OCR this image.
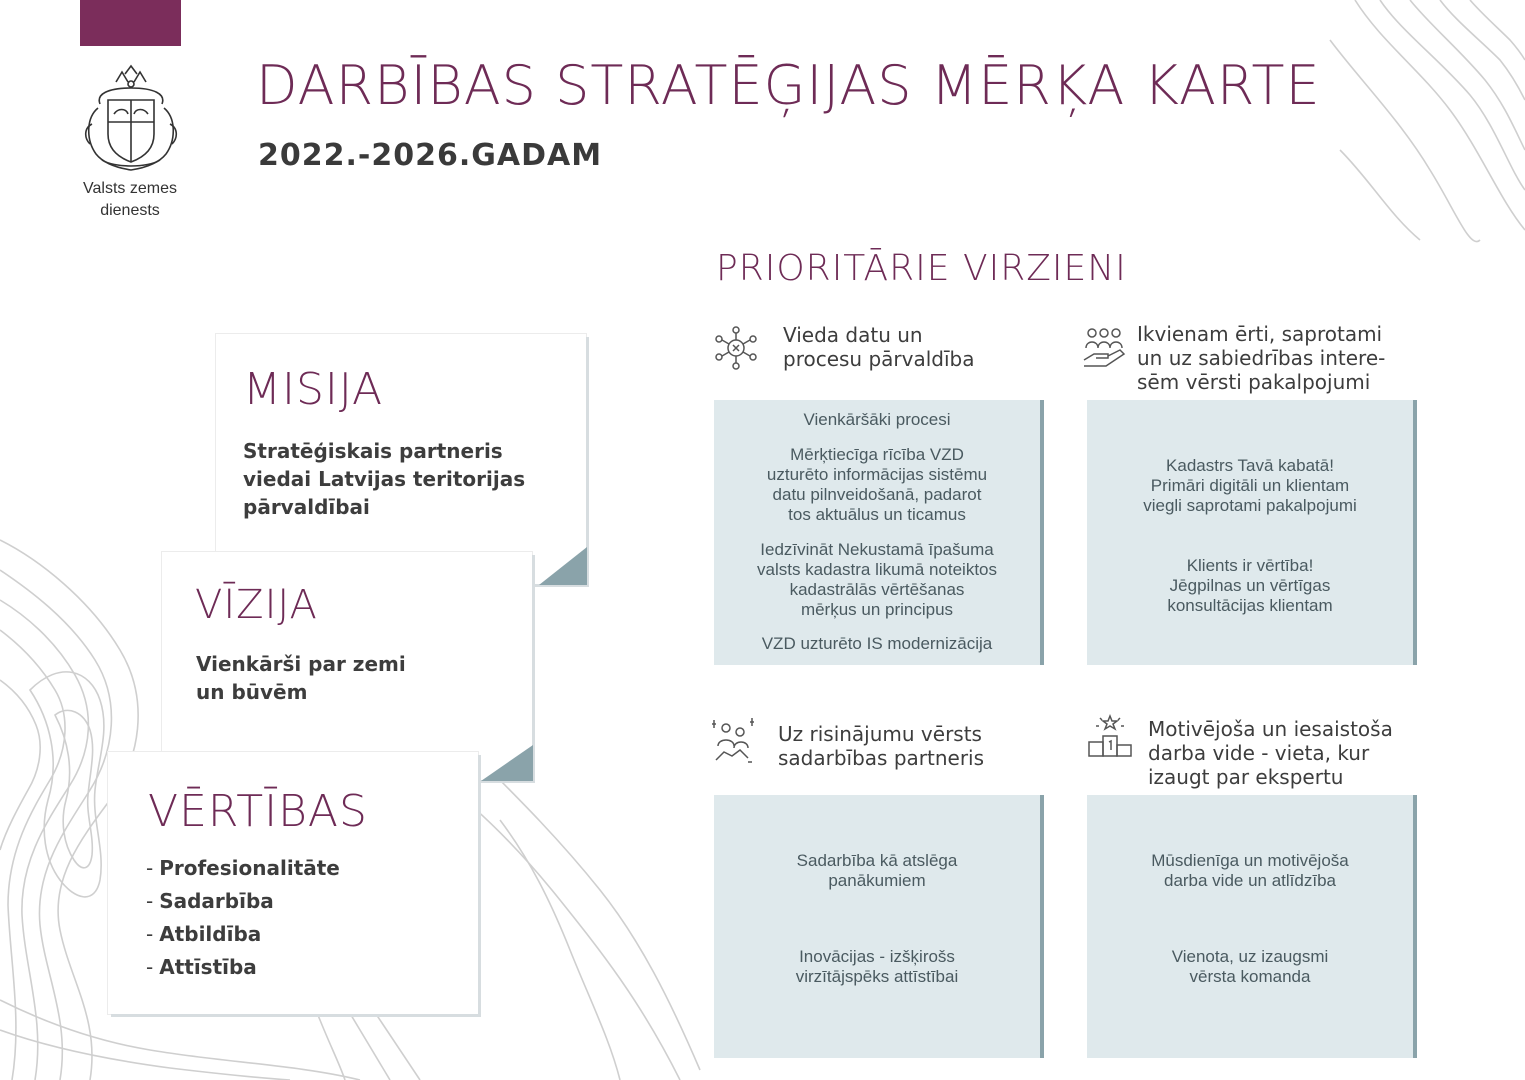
Valsts zemes
dienests
DARBĪBAS STRATĒĢIJAS MĒRĶA KARTE
2022.-2026.GADAM
MISIJA
Stratēģiskais partneris
viedai Latvijas teritorijas
pārvaldībai
VĪZIJA
Vienkārši par zemi
un būvēm
VĒRTĪBAS
- Profesionalitāte
- Sadarbība
- Atbildība
- Attīstība
PRIORITĀRIE VIRZIENI
Vieda datu un
procesu pārvaldība

Vienkāršāki procesi

Mērķtiecīga rīcība VZD
uzturēto informācijas sistēmu
datu pilnveidošanā, padarot
tos aktuālus un ticamus

Iedzīvināt Nekustamā īpašuma
valsts kadastra likumā noteiktos
kadastrālās vērtēšanas
mērķus un principus

VZD uzturēto IS modernizācija

Ikvienam ērti, saprotami
un uz sabiedrības intere-
sēm vērsti pakalpojumi

Kadastrs Tavā kabatā!
Primāri digitāli un klientam
viegli saprotami pakalpojumi

Klients ir vērtība!
Jēgpilnas un vērtīgas
konsultācijas klientam

Uz risinājumu vērsts
sadarbības partneris

Sadarbība kā atslēga
panākumiem

Inovācijas - izšķirošs
virzītājspēks attīstībai

Motivējoša un iesaistoša
darba vide - vieta, kur
izaugt par ekspertu

Mūsdienīga un motivējoša
darba vide un atlīdzība

Vienota, uz izaugsmi
vērsta komanda
